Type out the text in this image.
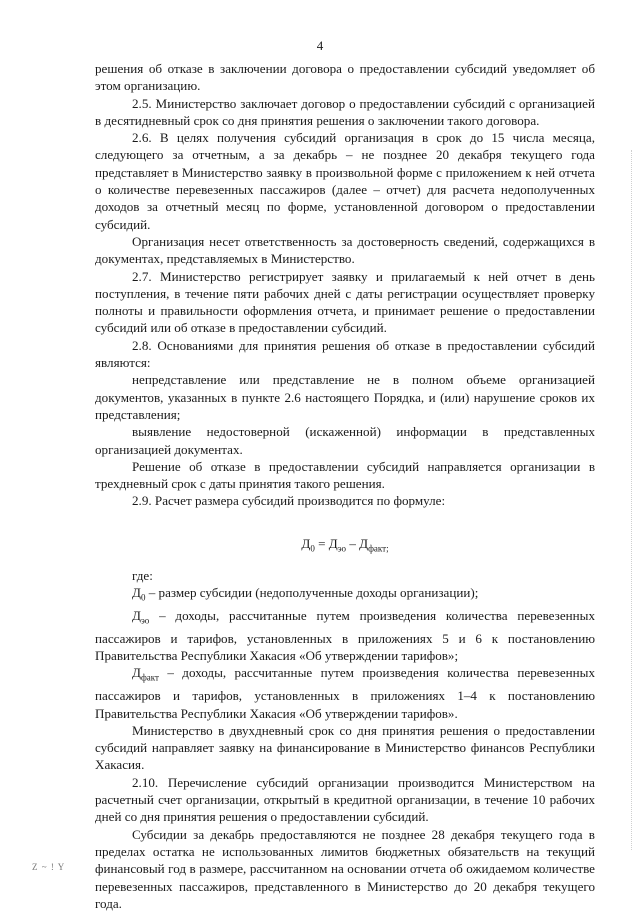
4

решения об отказе в заключении договора о предоставлении субсидий уведомляет об этом организацию.

2.5. Министерство заключает договор о предоставлении субсидий с организацией в десятидневный срок со дня принятия решения о заключении такого договора.

2.6. В целях получения субсидий организация в срок до 15 числа месяца, следующего за отчетным, а за декабрь – не позднее 20 декабря текущего года представляет в Министерство заявку в произвольной форме с приложением к ней отчета о количестве перевезенных пассажиров (далее – отчет) для расчета недополученных доходов за отчетный месяц по форме, установленной договором о предоставлении субсидий.

Организация несет ответственность за достоверность сведений, содержащихся в документах, представляемых в Министерство.

2.7. Министерство регистрирует заявку и прилагаемый к ней отчет в день поступления, в течение пяти рабочих дней с даты регистрации осуществляет проверку полноты и правильности оформления отчета, и принимает решение о предоставлении субсидий или об отказе в предоставлении субсидий.

2.8. Основаниями для принятия решения об отказе в предоставлении субсидий являются:

непредставление или представление не в полном объеме организацией документов, указанных в пункте 2.6 настоящего Порядка, и (или) нарушение сроков их представления;

выявление недостоверной (искаженной) информации в представленных организацией документах.

Решение об отказе в предоставлении субсидий направляется организации в трехдневный срок с даты принятия такого решения.

2.9. Расчет размера субсидий производится по формуле:

$Д_0 = Д_{эо} - Д_{факт;}$

где:

$Д_0$ – размер субсидии (недополученные доходы организации);

$Д_{эо}$ – доходы, рассчитанные путем произведения количества перевезенных пассажиров и тарифов, установленных в приложениях 5 и 6 к постановлению Правительства Республики Хакасия «Об утверждении тарифов»;

$Д_{факт}$ – доходы, рассчитанные путем произведения количества перевезенных пассажиров и тарифов, установленных в приложениях 1–4 к постановлению Правительства Республики Хакасия «Об утверждении тарифов».

Министерство в двухдневный срок со дня принятия решения о предоставлении субсидий направляет заявку на финансирование в Министерство финансов Республики Хакасия.

2.10. Перечисление субсидий организации производится Министерством на расчетный счет организации, открытый в кредитной организации, в течение 10 рабочих дней со дня принятия решения о предоставлении субсидий.

Субсидии за декабрь предоставляются не позднее 28 декабря текущего года в пределах остатка не использованных лимитов бюджетных обязательств на текущий финансовый год в размере, рассчитанном на основании отчета об ожидаемом количестве перевезенных пассажиров, представленного в Министерство до 20 декабря текущего года.

Z ~ ! Y
